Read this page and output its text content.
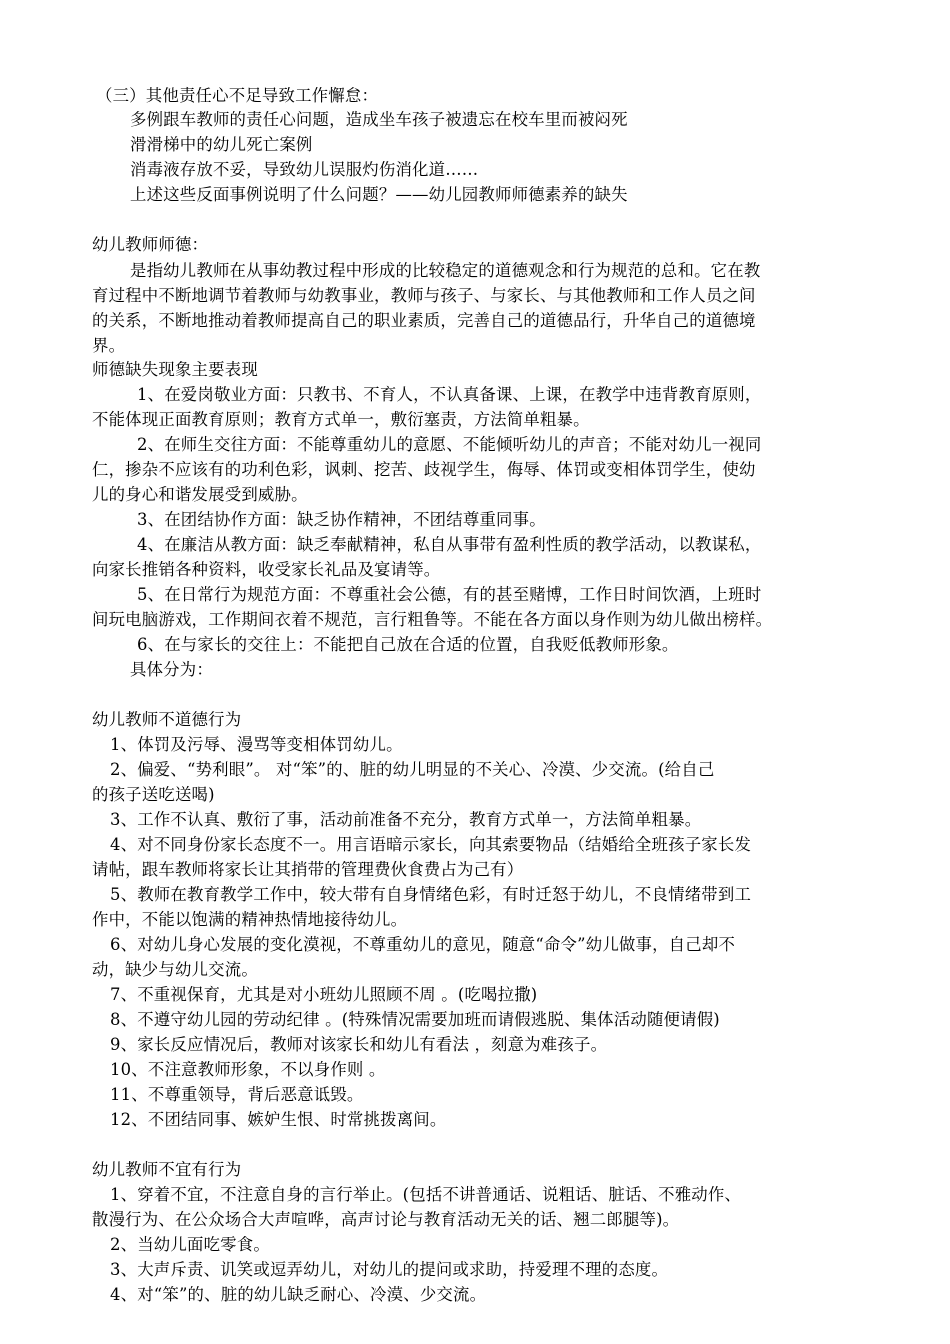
（三）其他责任心不足导致工作懈怠：
多例跟车教师的责任心问题，造成坐车孩子被遗忘在校车里而被闷死
滑滑梯中的幼儿死亡案例
消毒液存放不妥，导致幼儿误服灼伤消化道……
上述这些反面事例说明了什么问题？——幼儿园教师师德素养的缺失
幼儿教师师德：
是指幼儿教师在从事幼教过程中形成的比较稳定的道德观念和行为规范的总和。它在教
育过程中不断地调节着教师与幼教事业，教师与孩子、与家长、与其他教师和工作人员之间
的关系，不断地推动着教师提高自己的职业素质，完善自己的道德品行，升华自己的道德境
界。
师德缺失现象主要表现
1、在爱岗敬业方面：只教书、不育人，不认真备课、上课，在教学中违背教育原则，
不能体现正面教育原则；教育方式单一，敷衍塞责，方法简单粗暴。
2、在师生交往方面：不能尊重幼儿的意愿、不能倾听幼儿的声音；不能对幼儿一视同
仁，掺杂不应该有的功利色彩，讽刺、挖苦、歧视学生，侮辱、体罚或变相体罚学生，使幼
儿的身心和谐发展受到威胁。
3、在团结协作方面：缺乏协作精神，不团结尊重同事。
4、在廉洁从教方面：缺乏奉献精神，私自从事带有盈利性质的教学活动，以教谋私，
向家长推销各种资料，收受家长礼品及宴请等。
5、在日常行为规范方面：不尊重社会公德，有的甚至赌博，工作日时间饮酒，上班时
间玩电脑游戏，工作期间衣着不规范，言行粗鲁等。不能在各方面以身作则为幼儿做出榜样。
6、在与家长的交往上：不能把自己放在合适的位置，自我贬低教师形象。
具体分为：
幼儿教师不道德行为
1、体罚及污辱、漫骂等变相体罚幼儿。
2、偏爱、“势利眼”。 对“笨”的、脏的幼儿明显的不关心、冷漠、少交流。(给自己
的孩子送吃送喝)
3、工作不认真、敷衍了事，活动前准备不充分，教育方式单一，方法简单粗暴。
4、对不同身份家长态度不一。用言语暗示家长，向其索要物品（结婚给全班孩子家长发
请帖，跟车教师将家长让其捎带的管理费伙食费占为己有）
5、教师在教育教学工作中，较大带有自身情绪色彩，有时迁怒于幼儿，不良情绪带到工
作中，不能以饱满的精神热情地接待幼儿。
6、对幼儿身心发展的变化漠视，不尊重幼儿的意见，随意“命令”幼儿做事，自己却不
动，缺少与幼儿交流。
7、不重视保育，尤其是对小班幼儿照顾不周 。(吃喝拉撒)
8、不遵守幼儿园的劳动纪律 。(特殊情况需要加班而请假逃脱、集体活动随便请假)
9、家长反应情况后，教师对该家长和幼儿有看法 ，刻意为难孩子。
10、不注意教师形象，不以身作则 。
11、不尊重领导，背后恶意诋毁。
12、不团结同事、嫉妒生恨、时常挑拨离间。
幼儿教师不宜有行为
1、穿着不宜，不注意自身的言行举止。(包括不讲普通话、说粗话、脏话、不雅动作、
散漫行为、在公众场合大声喧哗，高声讨论与教育活动无关的话、翘二郎腿等)。
2、当幼儿面吃零食。
3、大声斥责、讥笑或逗弄幼儿，对幼儿的提问或求助，持爱理不理的态度。
4、对“笨”的、脏的幼儿缺乏耐心、冷漠、少交流。
